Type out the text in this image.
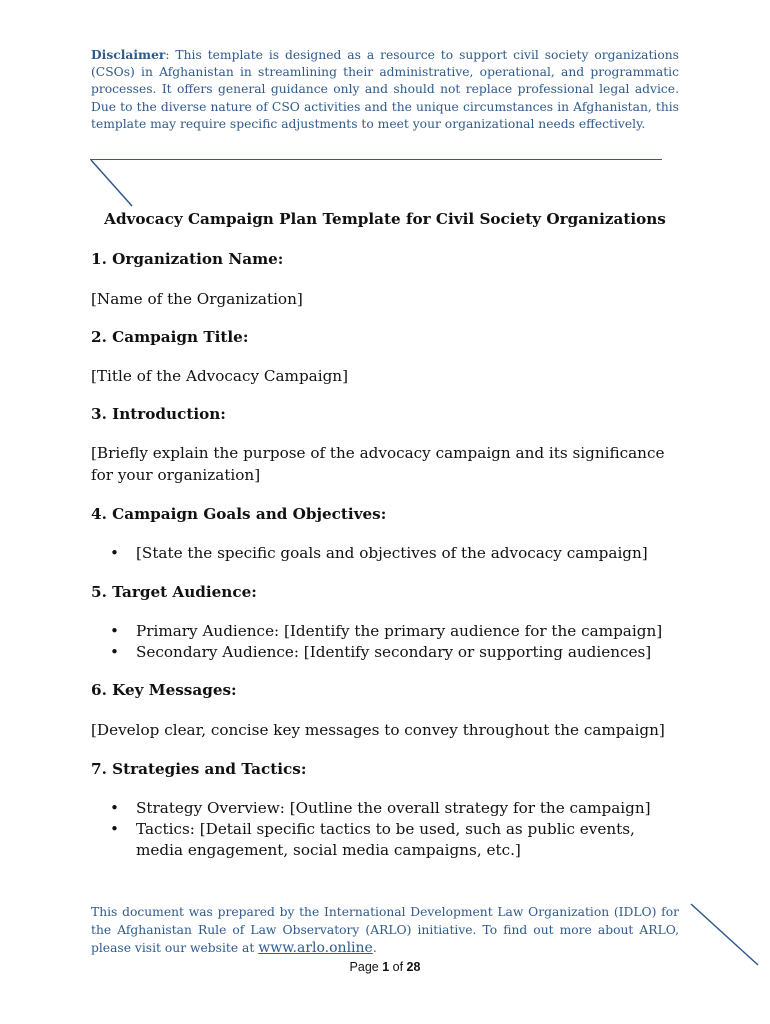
Disclaimer: This template is designed as a resource to support civil society organizations (CSOs) in Afghanistan in streamlining their administrative, operational, and programmatic processes. It offers general guidance only and should not replace professional legal advice. Due to the diverse nature of CSO activities and the unique circumstances in Afghanistan, this template may require specific adjustments to meet your organizational needs effectively.
Advocacy Campaign Plan Template for Civil Society Organizations
1. Organization Name:
[Name of the Organization]
2. Campaign Title:
[Title of the Advocacy Campaign]
3. Introduction:
[Briefly explain the purpose of the advocacy campaign and its significance for your organization]
4. Campaign Goals and Objectives:
• [State the specific goals and objectives of the advocacy campaign]
5. Target Audience:
• Primary Audience: [Identify the primary audience for the campaign]
• Secondary Audience: [Identify secondary or supporting audiences]
6. Key Messages:
[Develop clear, concise key messages to convey throughout the campaign]
7. Strategies and Tactics:
• Strategy Overview: [Outline the overall strategy for the campaign]
• Tactics: [Detail specific tactics to be used, such as public events, media engagement, social media campaigns, etc.]
This document was prepared by the International Development Law Organization (IDLO) for the Afghanistan Rule of Law Observatory (ARLO) initiative. To find out more about ARLO, please visit our website at www.arlo.online.
Page 1 of 28
